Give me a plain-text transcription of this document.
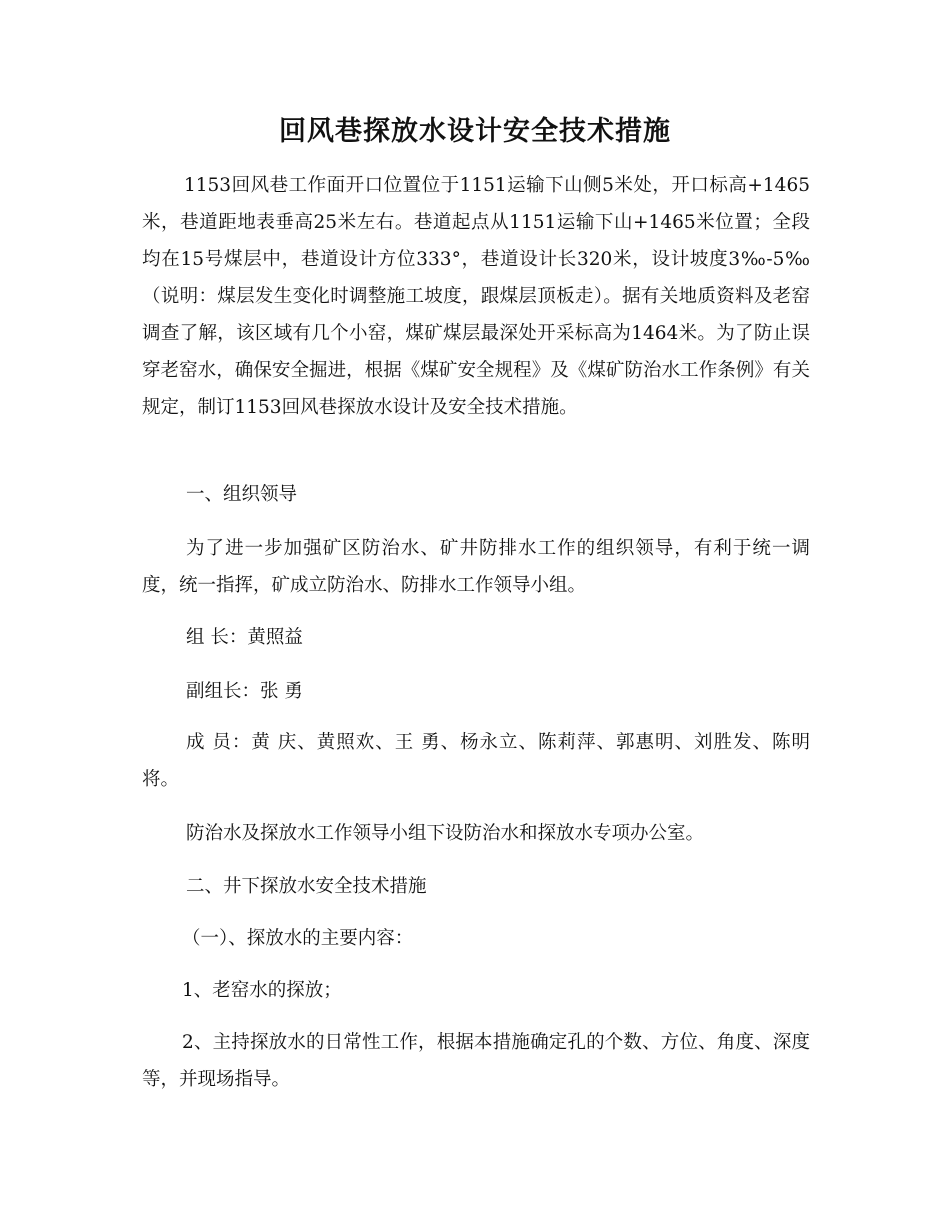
回风巷探放水设计安全技术措施

1153回风巷工作面开口位置位于1151运输下山侧5米处，开口标高+1465米，巷道距地表垂高25米左右。巷道起点从1151运输下山+1465米位置；全段均在15号煤层中，巷道设计方位333°，巷道设计长320米，设计坡度3‰-5‰（说明：煤层发生变化时调整施工坡度，跟煤层顶板走）。据有关地质资料及老窑调查了解，该区域有几个小窑，煤矿煤层最深处开采标高为1464米。为了防止误穿老窑水，确保安全掘进，根据《煤矿安全规程》及《煤矿防治水工作条例》有关规定，制订1153回风巷探放水设计及安全技术措施。

一、组织领导

为了进一步加强矿区防治水、矿井防排水工作的组织领导，有利于统一调度，统一指挥，矿成立防治水、防排水工作领导小组。

组 长：黄照益

副组长：张 勇

成 员：黄 庆、黄照欢、王 勇、杨永立、陈莉萍、郭惠明、刘胜发、陈明将。

防治水及探放水工作领导小组下设防治水和探放水专项办公室。

二、井下探放水安全技术措施

（一）、探放水的主要内容：

1、老窑水的探放；

2、主持探放水的日常性工作，根据本措施确定孔的个数、方位、角度、深度等，并现场指导。
